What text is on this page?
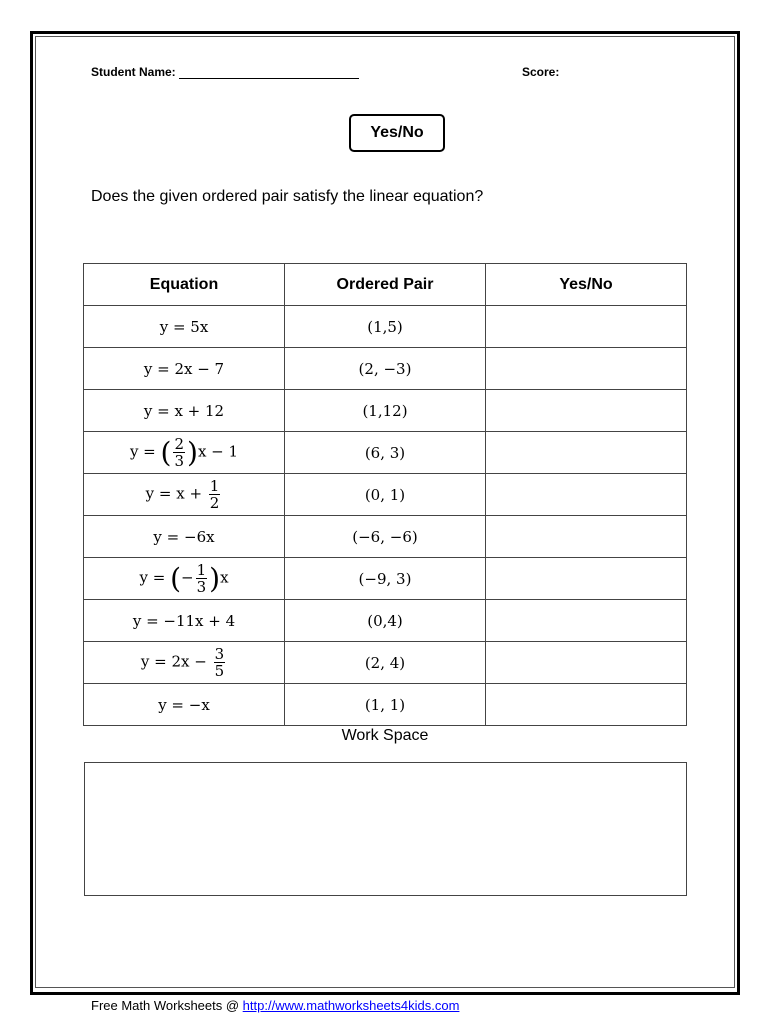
Student Name:	Score:
Yes/No
Does the given ordered pair satisfy the linear equation?
Equation	Ordered Pair	Yes/No
y = 5x	(1,5)	
y = 2x − 7	(2, −3)	
y = x + 12	(1,12)	
y = ( $\frac{2}{3} )x - 1$	(6, 3)	
$y = x + \frac{1}{2}$	(0, 1)	
y = −6x	(−6, −6)	
y = (− $\frac{1}{3} )x$	(−9, 3)	
y = −11x + 4	(0,4)	
$y = 2x - \frac{3}{5}$	(2, 4)	
y = −x	(1, 1)	
Work Space
Free Math Worksheets @ http://www.mathworksheets4kids.com
